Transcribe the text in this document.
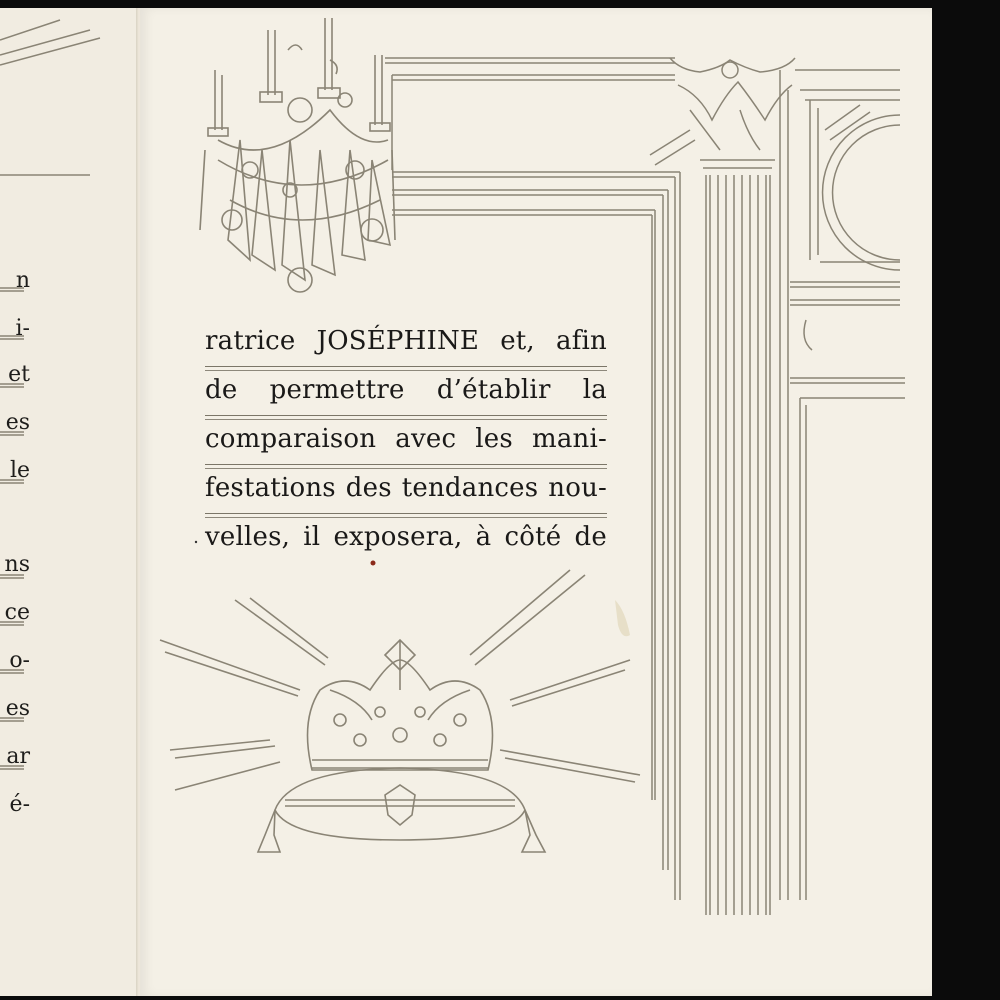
n
i-
et
es
le
ns
ce
o-
es
ar
é-
ratrice JOSÉPHINE et, afin
de permettre d’établir la
comparaison avec les mani-
festations des tendances nou-
velles, il exposera, à côté de
